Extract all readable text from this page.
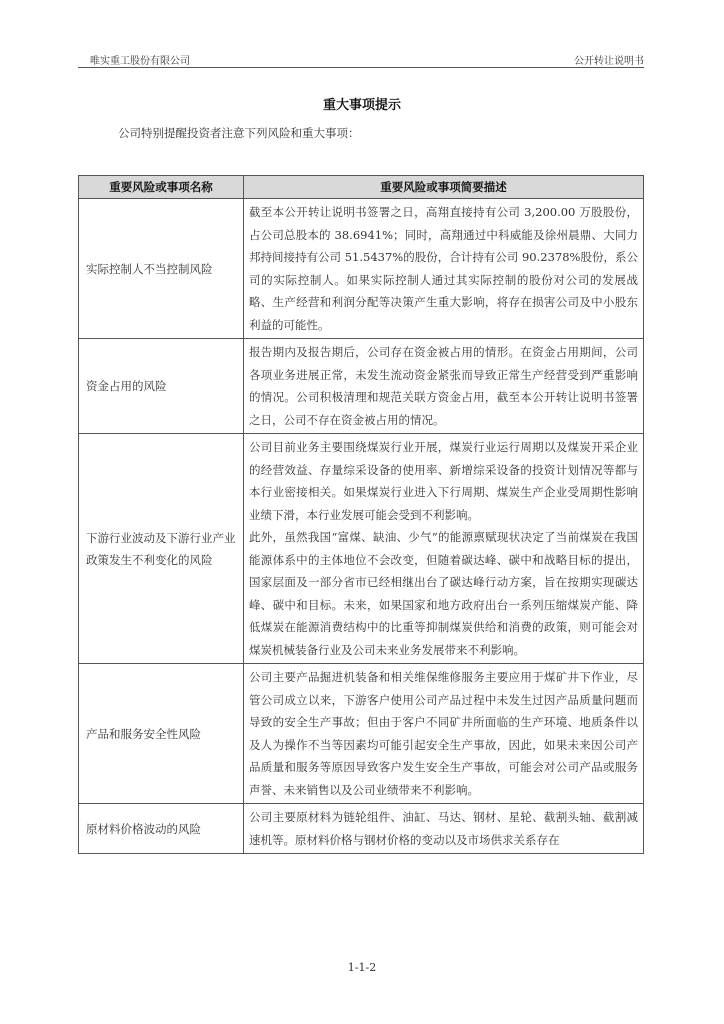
唯实重工股份有限公司	公开转让说明书
重大事项提示
公司特别提醒投资者注意下列风险和重大事项：
重要风险或事项名称	重要风险或事项简要描述
实际控制人不当控制风险	截至本公开转让说明书签署之日，高翔直接持有公司 3,200.00 万股股份，占公司总股本的 38.6941%；同时，高翔通过中科威能及徐州晨鼎、大同力邦持间接持有公司 51.5437%的股份，合计持有公司 90.2378%股份，系公司的实际控制人。如果实际控制人通过其实际控制的股份对公司的发展战略、生产经营和利润分配等决策产生重大影响，将存在损害公司及中小股东利益的可能性。

资金占用的风险	报告期内及报告期后，公司存在资金被占用的情形。在资金占用期间，公司各项业务进展正常，未发生流动资金紧张而导致正常生产经营受到严重影响的情况。公司积极清理和规范关联方资金占用，截至本公开转让说明书签署之日，公司不存在资金被占用的情况。

下游行业波动及下游行业产业政策发生不利变化的风险	公司目前业务主要围绕煤炭行业开展，煤炭行业运行周期以及煤炭开采企业的经营效益、存量综采设备的使用率、新增综采设备的投资计划情况等都与本行业密接相关。如果煤炭行业进入下行周期、煤炭生产企业受周期性影响业绩下滑，本行业发展可能会受到不利影响。

此外，虽然我国“富煤、缺油、少气”的能源禀赋现状决定了当前煤炭在我国能源体系中的主体地位不会改变，但随着碳达峰、碳中和战略目标的提出，国家层面及一部分省市已经相继出台了碳达峰行动方案，旨在按期实现碳达峰、碳中和目标。未来，如果国家和地方政府出台一系列压缩煤炭产能、降低煤炭在能源消费结构中的比重等抑制煤炭供给和消费的政策，则可能会对煤炭机械装备行业及公司未来业务发展带来不利影响。

产品和服务安全性风险	公司主要产品掘进机装备和相关维保维修服务主要应用于煤矿井下作业，尽管公司成立以来，下游客户使用公司产品过程中未发生过因产品质量问题而导致的安全生产事故；但由于客户不同矿井所面临的生产环境、地质条件以及人为操作不当等因素均可能引起安全生产事故，因此，如果未来因公司产品质量和服务等原因导致客户发生安全生产事故，可能会对公司产品或服务声誉、未来销售以及公司业绩带来不利影响。

原材料价格波动的风险	公司主要原材料为链轮组件、油缸、马达、钢材、星轮、截割头轴、截割减速机等。原材料价格与钢材价格的变动以及市场供求关系存在

1-1-2
